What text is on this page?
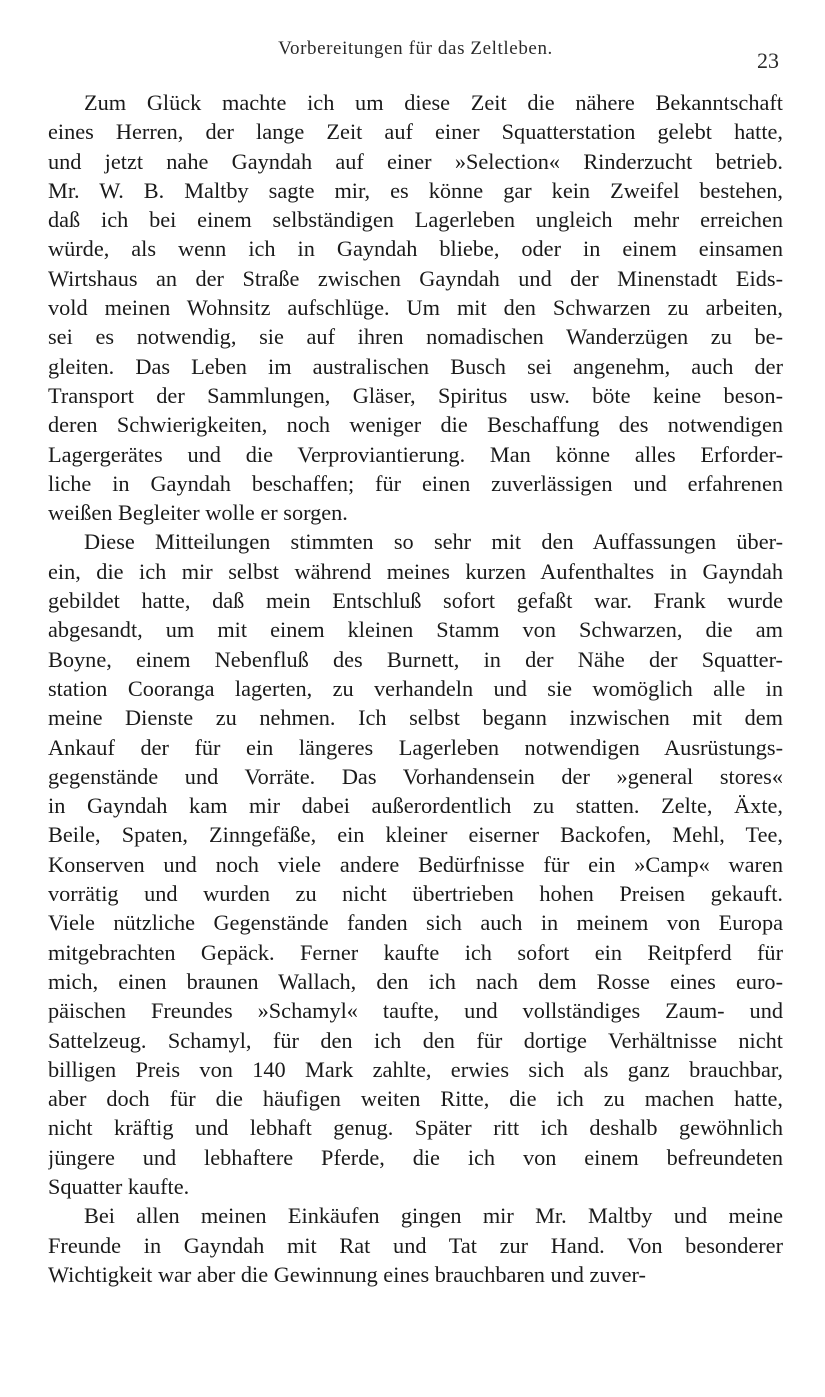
Vorbereitungen für das Zeltleben.	23
Zum Glück machte ich um diese Zeit die nähere Bekanntschaft
eines Herren, der lange Zeit auf einer Squatterstation gelebt hatte,
und jetzt nahe Gayndah auf einer »Selection« Rinderzucht betrieb.
Mr. W. B. Maltby sagte mir, es könne gar kein Zweifel bestehen,
daß ich bei einem selbständigen Lagerleben ungleich mehr erreichen
würde, als wenn ich in Gayndah bliebe, oder in einem einsamen
Wirtshaus an der Straße zwischen Gayndah und der Minenstadt Eids-
vold meinen Wohnsitz aufschlüge. Um mit den Schwarzen zu arbeiten,
sei es notwendig, sie auf ihren nomadischen Wanderzügen zu be-
gleiten. Das Leben im australischen Busch sei angenehm, auch der
Transport der Sammlungen, Gläser, Spiritus usw. böte keine beson-
deren Schwierigkeiten, noch weniger die Beschaffung des notwendigen
Lagergerätes und die Verproviantierung. Man könne alles Erforder-
liche in Gayndah beschaffen; für einen zuverlässigen und erfahrenen
weißen Begleiter wolle er sorgen.
Diese Mitteilungen stimmten so sehr mit den Auffassungen über-
ein, die ich mir selbst während meines kurzen Aufenthaltes in Gayndah
gebildet hatte, daß mein Entschluß sofort gefaßt war. Frank wurde
abgesandt, um mit einem kleinen Stamm von Schwarzen, die am
Boyne, einem Nebenfluß des Burnett, in der Nähe der Squatter-
station Cooranga lagerten, zu verhandeln und sie womöglich alle in
meine Dienste zu nehmen. Ich selbst begann inzwischen mit dem
Ankauf der für ein längeres Lagerleben notwendigen Ausrüstungs-
gegenstände und Vorräte. Das Vorhandensein der »general stores«
in Gayndah kam mir dabei außerordentlich zu statten. Zelte, Äxte,
Beile, Spaten, Zinngefäße, ein kleiner eiserner Backofen, Mehl, Tee,
Konserven und noch viele andere Bedürfnisse für ein »Camp« waren
vorrätig und wurden zu nicht übertrieben hohen Preisen gekauft.
Viele nützliche Gegenstände fanden sich auch in meinem von Europa
mitgebrachten Gepäck. Ferner kaufte ich sofort ein Reitpferd für
mich, einen braunen Wallach, den ich nach dem Rosse eines euro-
päischen Freundes »Schamyl« taufte, und vollständiges Zaum- und
Sattelzeug. Schamyl, für den ich den für dortige Verhältnisse nicht
billigen Preis von 140 Mark zahlte, erwies sich als ganz brauchbar,
aber doch für die häufigen weiten Ritte, die ich zu machen hatte,
nicht kräftig und lebhaft genug. Später ritt ich deshalb gewöhnlich
jüngere und lebhaftere Pferde, die ich von einem befreundeten
Squatter kaufte.
Bei allen meinen Einkäufen gingen mir Mr. Maltby und meine
Freunde in Gayndah mit Rat und Tat zur Hand. Von besonderer
Wichtigkeit war aber die Gewinnung eines brauchbaren und zuver-
